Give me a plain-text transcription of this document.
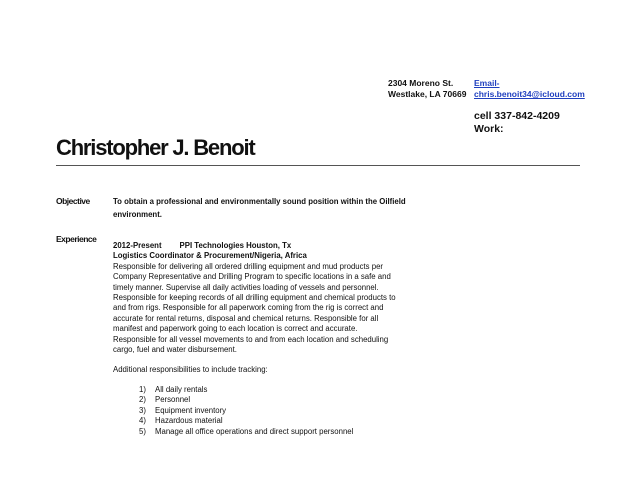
2304 Moreno St.
Westlake, LA 70669
Email-
chris.benoit34@icloud.com
cell 337-842-4209
Work:
Christopher J. Benoit
Objective	To obtain a professional and environmentally sound position within the Oilfield environment.
Experience
2012-Present PPI Technologies Houston, Tx
Logistics Coordinator & Procurement/Nigeria, Africa
Responsible for delivering all ordered drilling equipment and mud products per
Company Representative and Drilling Program to specific locations in a safe and
timely manner. Supervise all daily activities loading of vessels and personnel.
Responsible for keeping records of all drilling equipment and chemical products to
and from rigs. Responsible for all paperwork coming from the rig is correct and
accurate for rental returns, disposal and chemical returns. Responsible for all
manifest and paperwork going to each location is correct and accurate.
Responsible for all vessel movements to and from each location and scheduling
cargo, fuel and water disbursement.
Additional responsibilities to include tracking:
1)	All daily rentals
2)	Personnel
3)	Equipment inventory
4)	Hazardous material
5)	Manage all office operations and direct support personnel
